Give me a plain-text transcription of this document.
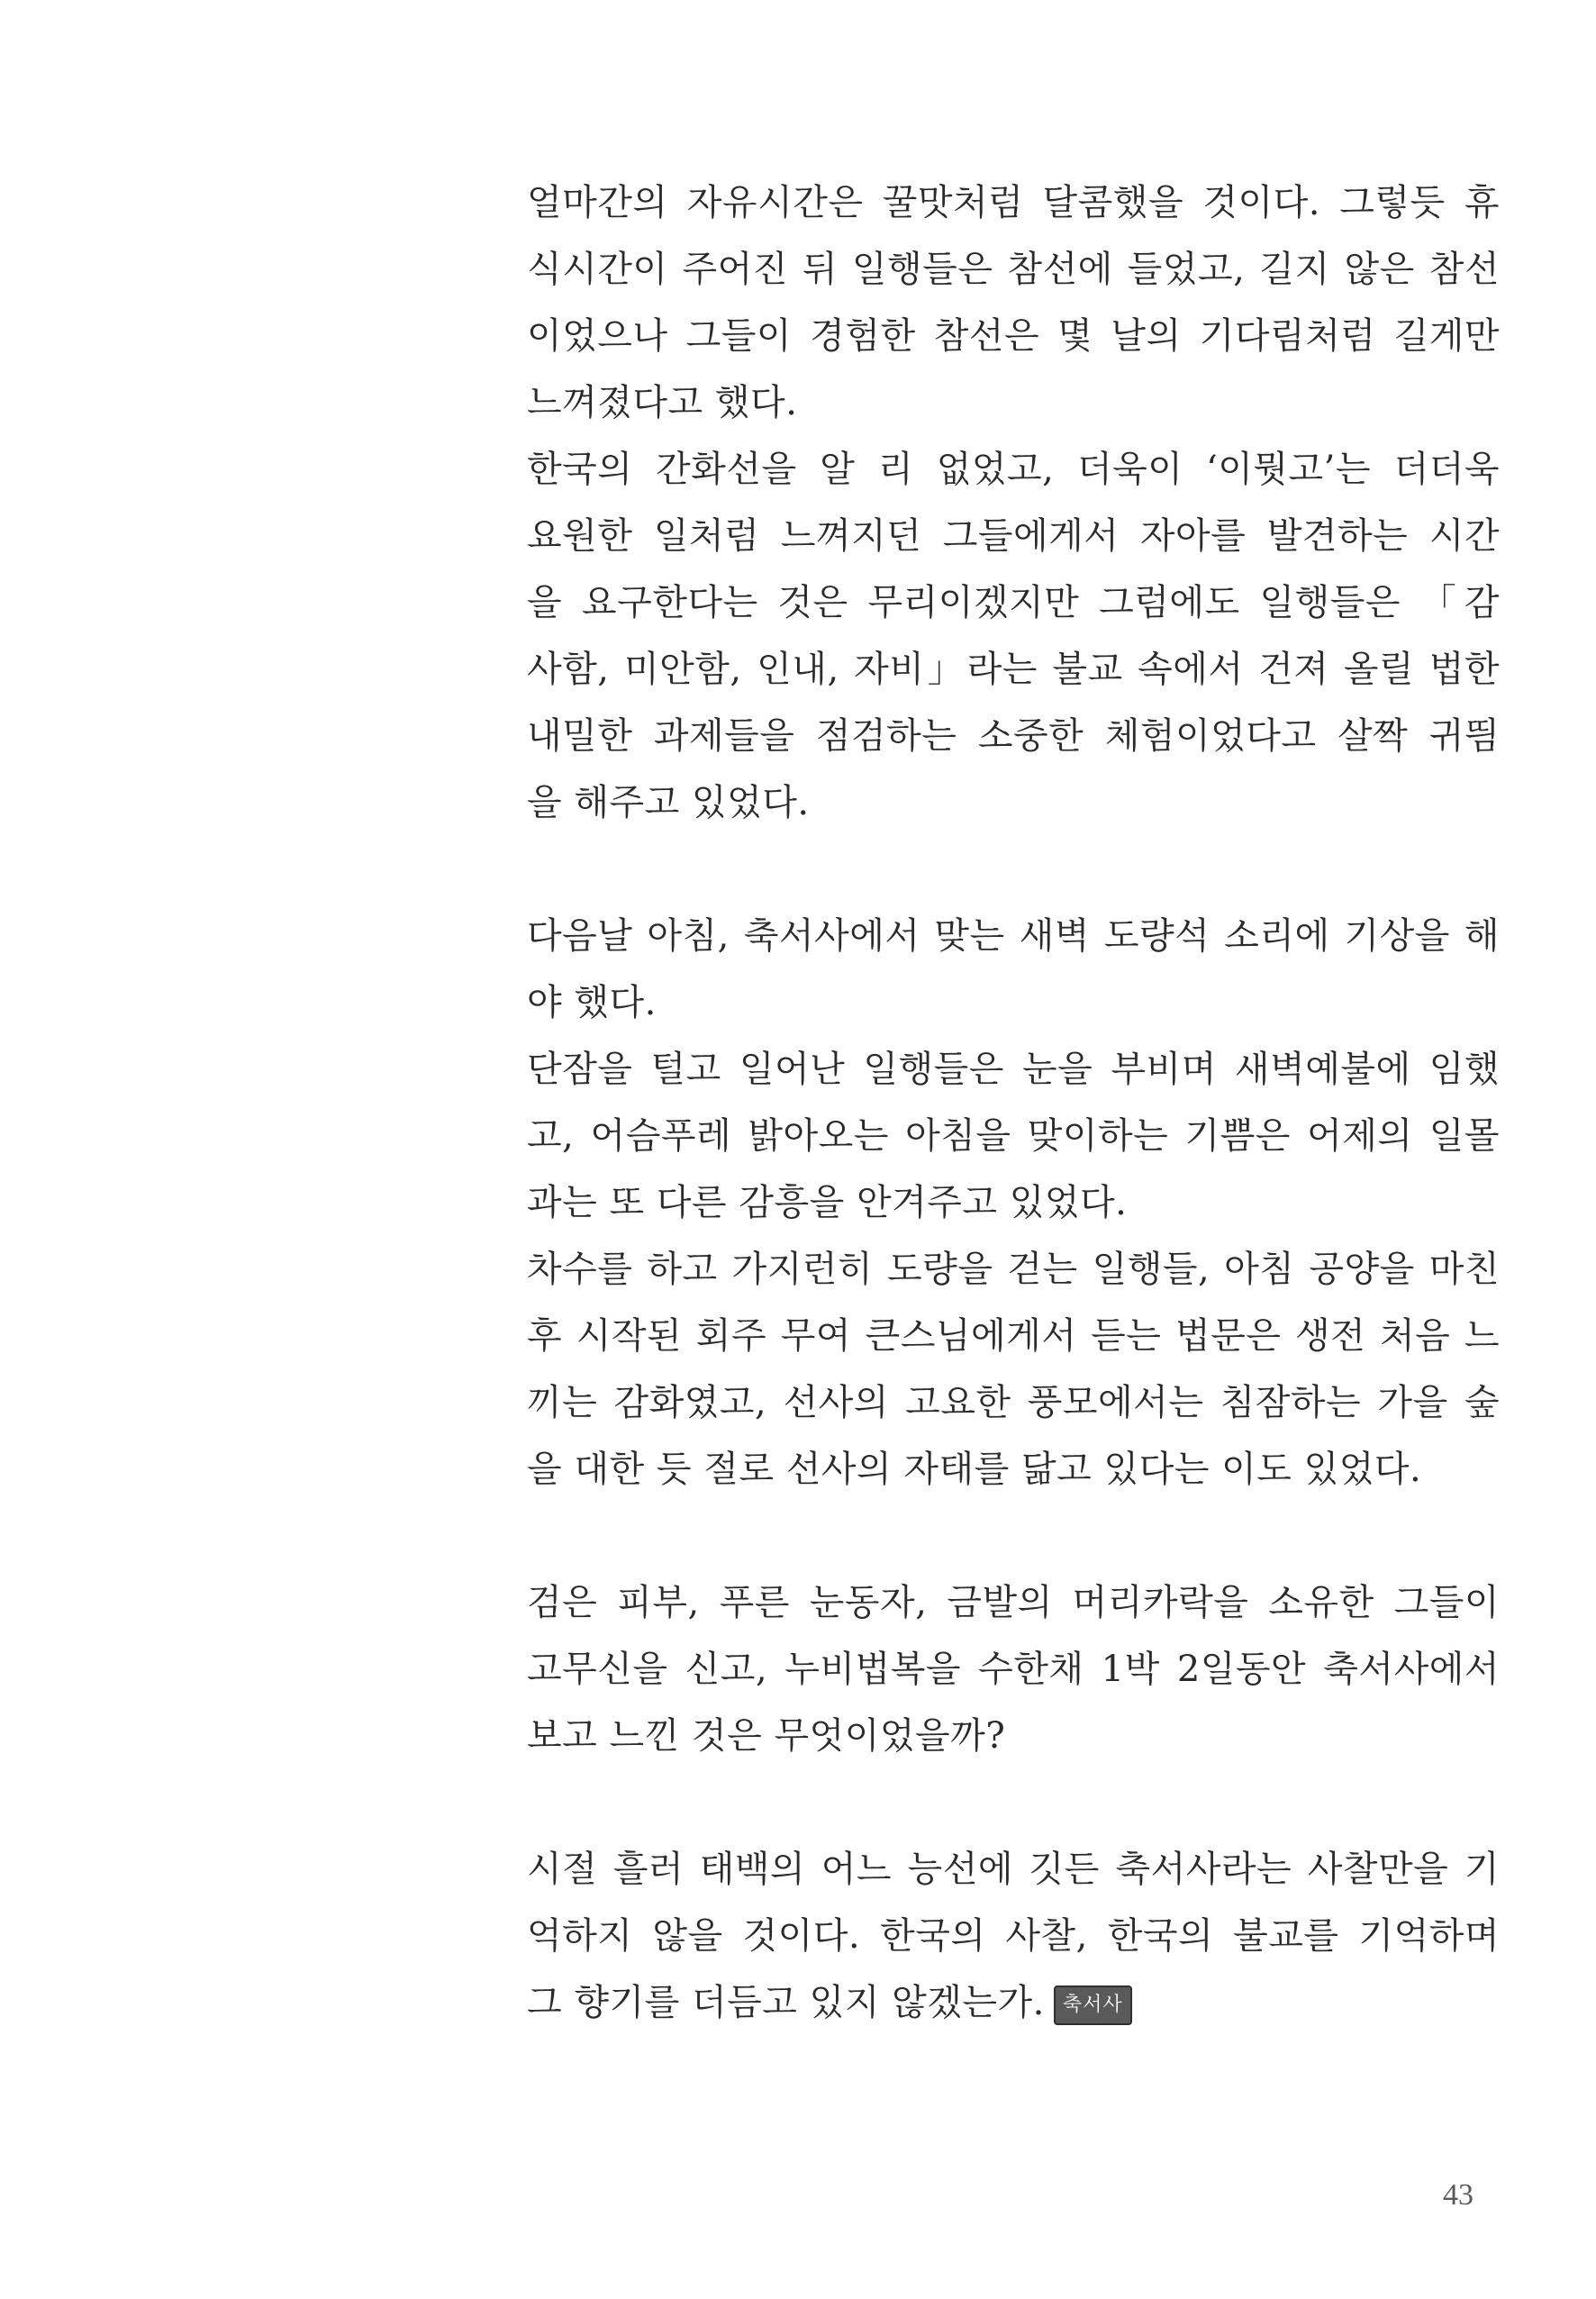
얼마간의 자유시간은 꿀맛처럼 달콤했을 것이다. 그렇듯 휴
식시간이 주어진 뒤 일행들은 참선에 들었고, 길지 않은 참선
이었으나 그들이 경험한 참선은 몇 날의 기다림처럼 길게만
느껴졌다고 했다.
한국의 간화선을 알 리 없었고, 더욱이 ‘이뭣고’는 더더욱
요원한 일처럼 느껴지던 그들에게서 자아를 발견하는 시간
을 요구한다는 것은 무리이겠지만 그럼에도 일행들은 「감
사함, 미안함, 인내, 자비」라는 불교 속에서 건져 올릴 법한
내밀한 과제들을 점검하는 소중한 체험이었다고 살짝 귀띔
을 해주고 있었다.
다음날 아침, 축서사에서 맞는 새벽 도량석 소리에 기상을 해
야 했다.
단잠을 털고 일어난 일행들은 눈을 부비며 새벽예불에 임했
고, 어슴푸레 밝아오는 아침을 맞이하는 기쁨은 어제의 일몰
과는 또 다른 감흥을 안겨주고 있었다.
차수를 하고 가지런히 도량을 걷는 일행들, 아침 공양을 마친
후 시작된 회주 무여 큰스님에게서 듣는 법문은 생전 처음 느
끼는 감화였고, 선사의 고요한 풍모에서는 침잠하는 가을 숲
을 대한 듯 절로 선사의 자태를 닮고 있다는 이도 있었다.
검은 피부, 푸른 눈동자, 금발의 머리카락을 소유한 그들이
고무신을 신고, 누비법복을 수한채 1박 2일동안 축서사에서
보고 느낀 것은 무엇이었을까?
시절 흘러 태백의 어느 능선에 깃든 축서사라는 사찰만을 기
억하지 않을 것이다. 한국의 사찰, 한국의 불교를 기억하며
그 향기를 더듬고 있지 않겠는가. 축서사
43
